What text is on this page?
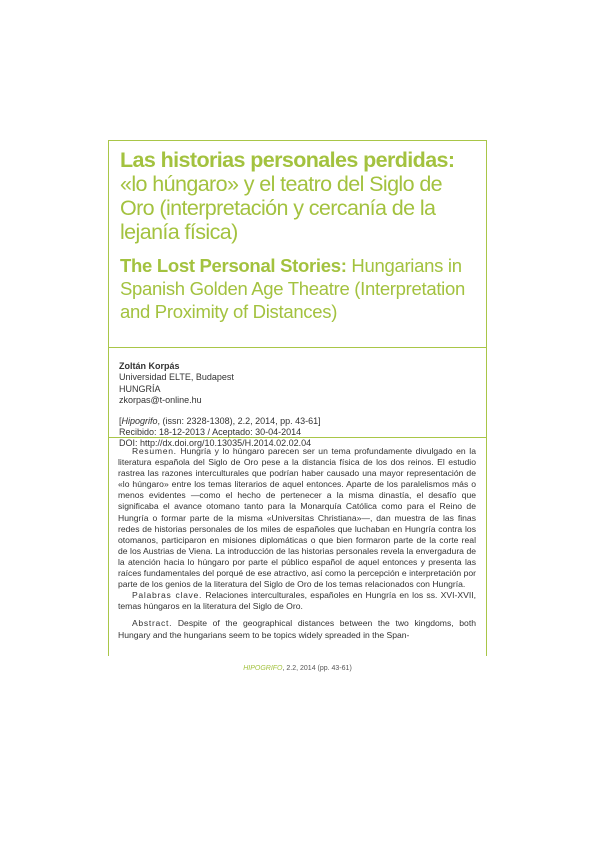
Las historias personales perdidas: «lo húngaro» y el teatro del Siglo de Oro (interpretación y cercanía de la lejanía física)
The Lost Personal Stories: Hungarians in Spanish Golden Age Theatre (Interpretation and Proximity of Distances)
Zoltán Korpás
Universidad ELTE, Budapest
HUNGRÍA
zkorpas@t-online.hu
[Hipogrifo, (issn: 2328-1308), 2.2, 2014, pp. 43-61]
Recibido: 18-12-2013 / Aceptado: 30-04-2014
DOI: http://dx.doi.org/10.13035/H.2014.02.02.04

Resumen. Hungría y lo húngaro parecen ser un tema profundamente divulgado en la literatura española del Siglo de Oro pese a la distancia física de los dos reinos. El estudio rastrea las razones interculturales que podrían haber causado una mayor representación de «lo húngaro» entre los temas literarios de aquel entonces. Aparte de los paralelismos más o menos evidentes —como el hecho de pertenecer a la misma dinastía, el desafío que significaba el avance otomano tanto para la Monarquía Católica como para el Reino de Hungría o formar parte de la misma «Universitas Christiana»—, dan muestra de las finas redes de historias personales de los miles de españoles que luchaban en Hungría contra los otomanos, participaron en misiones diplomáticas o que bien formaron parte de la corte real de los Austrias de Viena. La introducción de las historias personales revela la envergadura de la atención hacia lo húngaro por parte el público español de aquel entonces y presenta las raíces fundamentales del porqué de ese atractivo, así como la percepción e interpretación por parte de los genios de la literatura del Siglo de Oro de los temas relacionados con Hungría.

Palabras clave. Relaciones interculturales, españoles en Hungría en los ss. XVI-XVII, temas húngaros en la literatura del Siglo de Oro.

Abstract. Despite of the geographical distances between the two kingdoms, both Hungary and the hungarians seem to be topics widely spreaded in the Span-

HIPOGRIFO, 2.2, 2014 (pp. 43-61)
